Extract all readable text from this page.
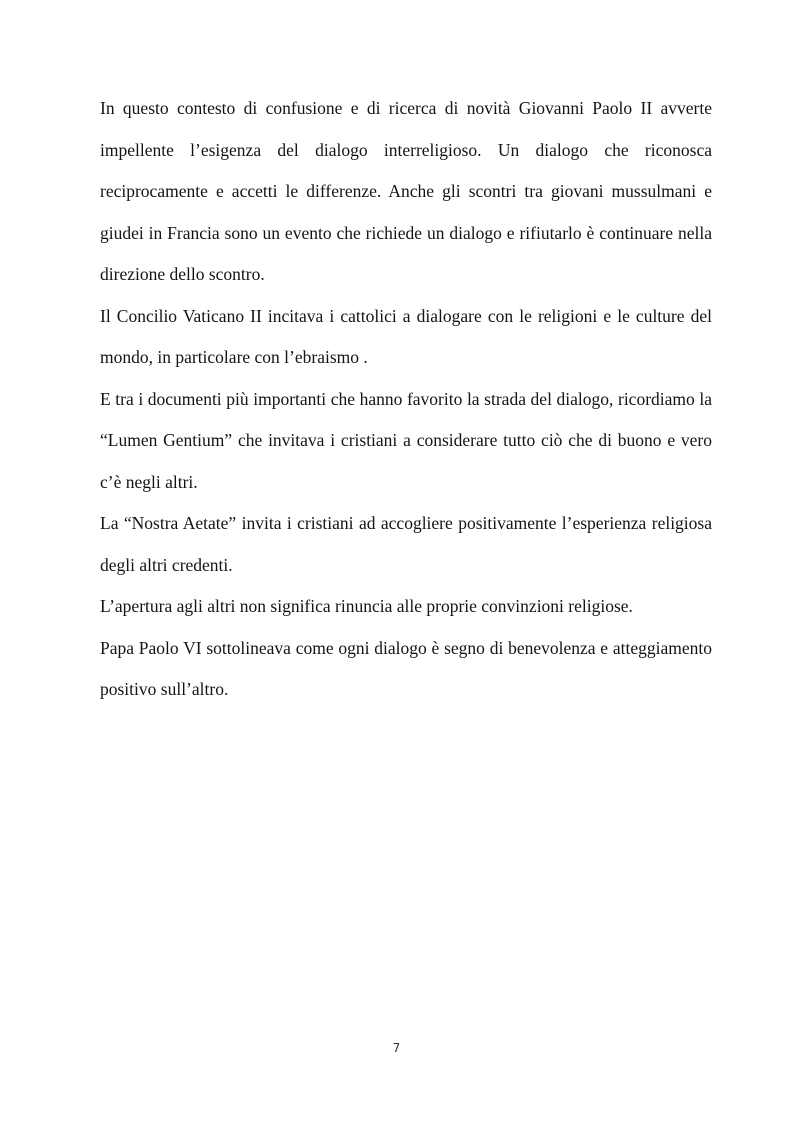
In questo contesto di confusione e di ricerca di novità Giovanni Paolo II avverte impellente l’esigenza del dialogo interreligioso. Un dialogo che riconosca reciprocamente e accetti le differenze. Anche gli scontri tra giovani mussulmani e giudei in Francia sono un evento che richiede un dialogo e rifiutarlo è continuare nella direzione dello scontro.

Il Concilio Vaticano II incitava i cattolici a dialogare con le religioni e le culture del mondo, in particolare con l’ebraismo .

E tra i documenti più importanti che hanno favorito la strada del dialogo, ricordiamo la “Lumen Gentium” che invitava i cristiani a considerare tutto ciò che di buono e vero c’è negli altri.

La “Nostra Aetate” invita i cristiani ad accogliere positivamente l’esperienza religiosa degli altri credenti.

L’apertura agli altri non significa rinuncia alle proprie convinzioni religiose.

Papa Paolo VI sottolineava come ogni dialogo è segno di benevolenza e atteggiamento positivo sull’altro.

7
